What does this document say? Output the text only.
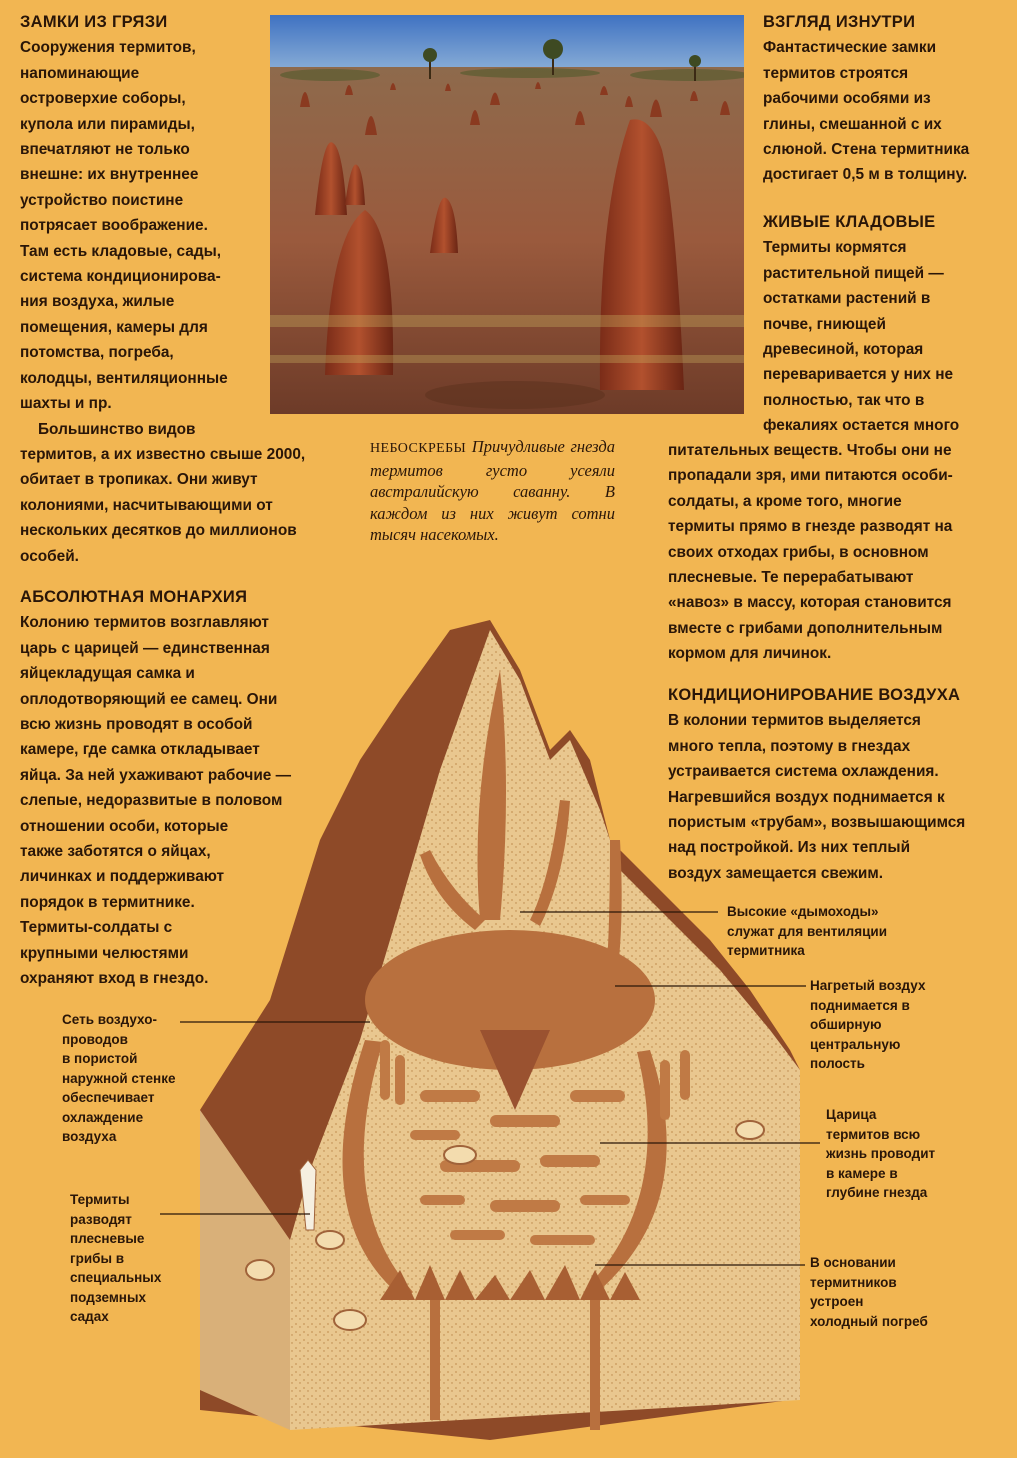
ЗАМКИ ИЗ ГРЯЗИ

Сооружения термитов,
напоминающие
островерхие соборы,
купола или пирамиды,
впечатляют не только
внешне: их внутреннее
устройство поистине
потрясает воображение.
Там есть кладовые, сады,
система кондиционирова-
ния воздуха, жилые
помещения, камеры для
потомства, погреба,
колодцы, вентиляционные
шахты и пр.

Большинство видов
термитов, а их известно свыше 2000,
обитает в тропиках. Они живут
колониями, насчитывающими от
нескольких десятков до миллионов
особей.

АБСОЛЮТНАЯ МОНАРХИЯ

Колонию термитов возглавляют
царь с царицей — единственная
яйцекладущая самка и
оплодотворяющий ее самец. Они
всю жизнь проводят в особой
камере, где самка откладывает
яйца. За ней ухаживают рабочие —
слепые, недоразвитые в половом
отношении особи, которые
также заботятся о яйцах,
личинках и поддерживают
порядок в термитнике.
Термиты-солдаты с
крупными челюстями
охраняют вход в гнездо.

ВЗГЛЯД ИЗНУТРИ

Фантастические замки
термитов строятся
рабочими особями из
глины, смешанной с их
слюной. Стена термитника
достигает 0,5 м в толщину.

ЖИВЫЕ КЛАДОВЫЕ

Термиты кормятся
растительной пищей —
остатками растений в
почве, гниющей
древесиной, которая
переваривается у них не
полностью, так что в
фекалиях остается много

питательных веществ. Чтобы они не
пропадали зря, ими питаются особи-
солдаты, а кроме того, многие
термиты прямо в гнезде разводят на
своих отходах грибы, в основном
плесневые. Те перерабатывают
«навоз» в массу, которая становится
вместе с грибами дополнительным
кормом для личинок.

КОНДИЦИОНИРОВАНИЕ ВОЗДУХА

В колонии термитов выделяется
много тепла, поэтому в гнездах
устраивается система охлаждения.
Нагревшийся воздух поднимается к
пористым «трубам», возвышающимся
над постройкой. Из них теплый
воздух замещается свежим.

НЕБОСКРЕБЫ Причудливые гнезда термитов густо усеяли австралийскую саванну. В каждом из них живут сотни тысяч насекомых.
Высокие «дымоходы»
служат для вентиляции
термитника
Нагретый воздух
поднимается в
обширную
центральную
полость
Царица
термитов всю
жизнь проводит
в камере в
глубине гнезда
В основании
термитников
устроен
холодный погреб
Сеть воздухо-
проводов
в пористой
наружной стенке
обеспечивает
охлаждение
воздуха
Термиты
разводят
плесневые
грибы в
специальных
подземных
садах
